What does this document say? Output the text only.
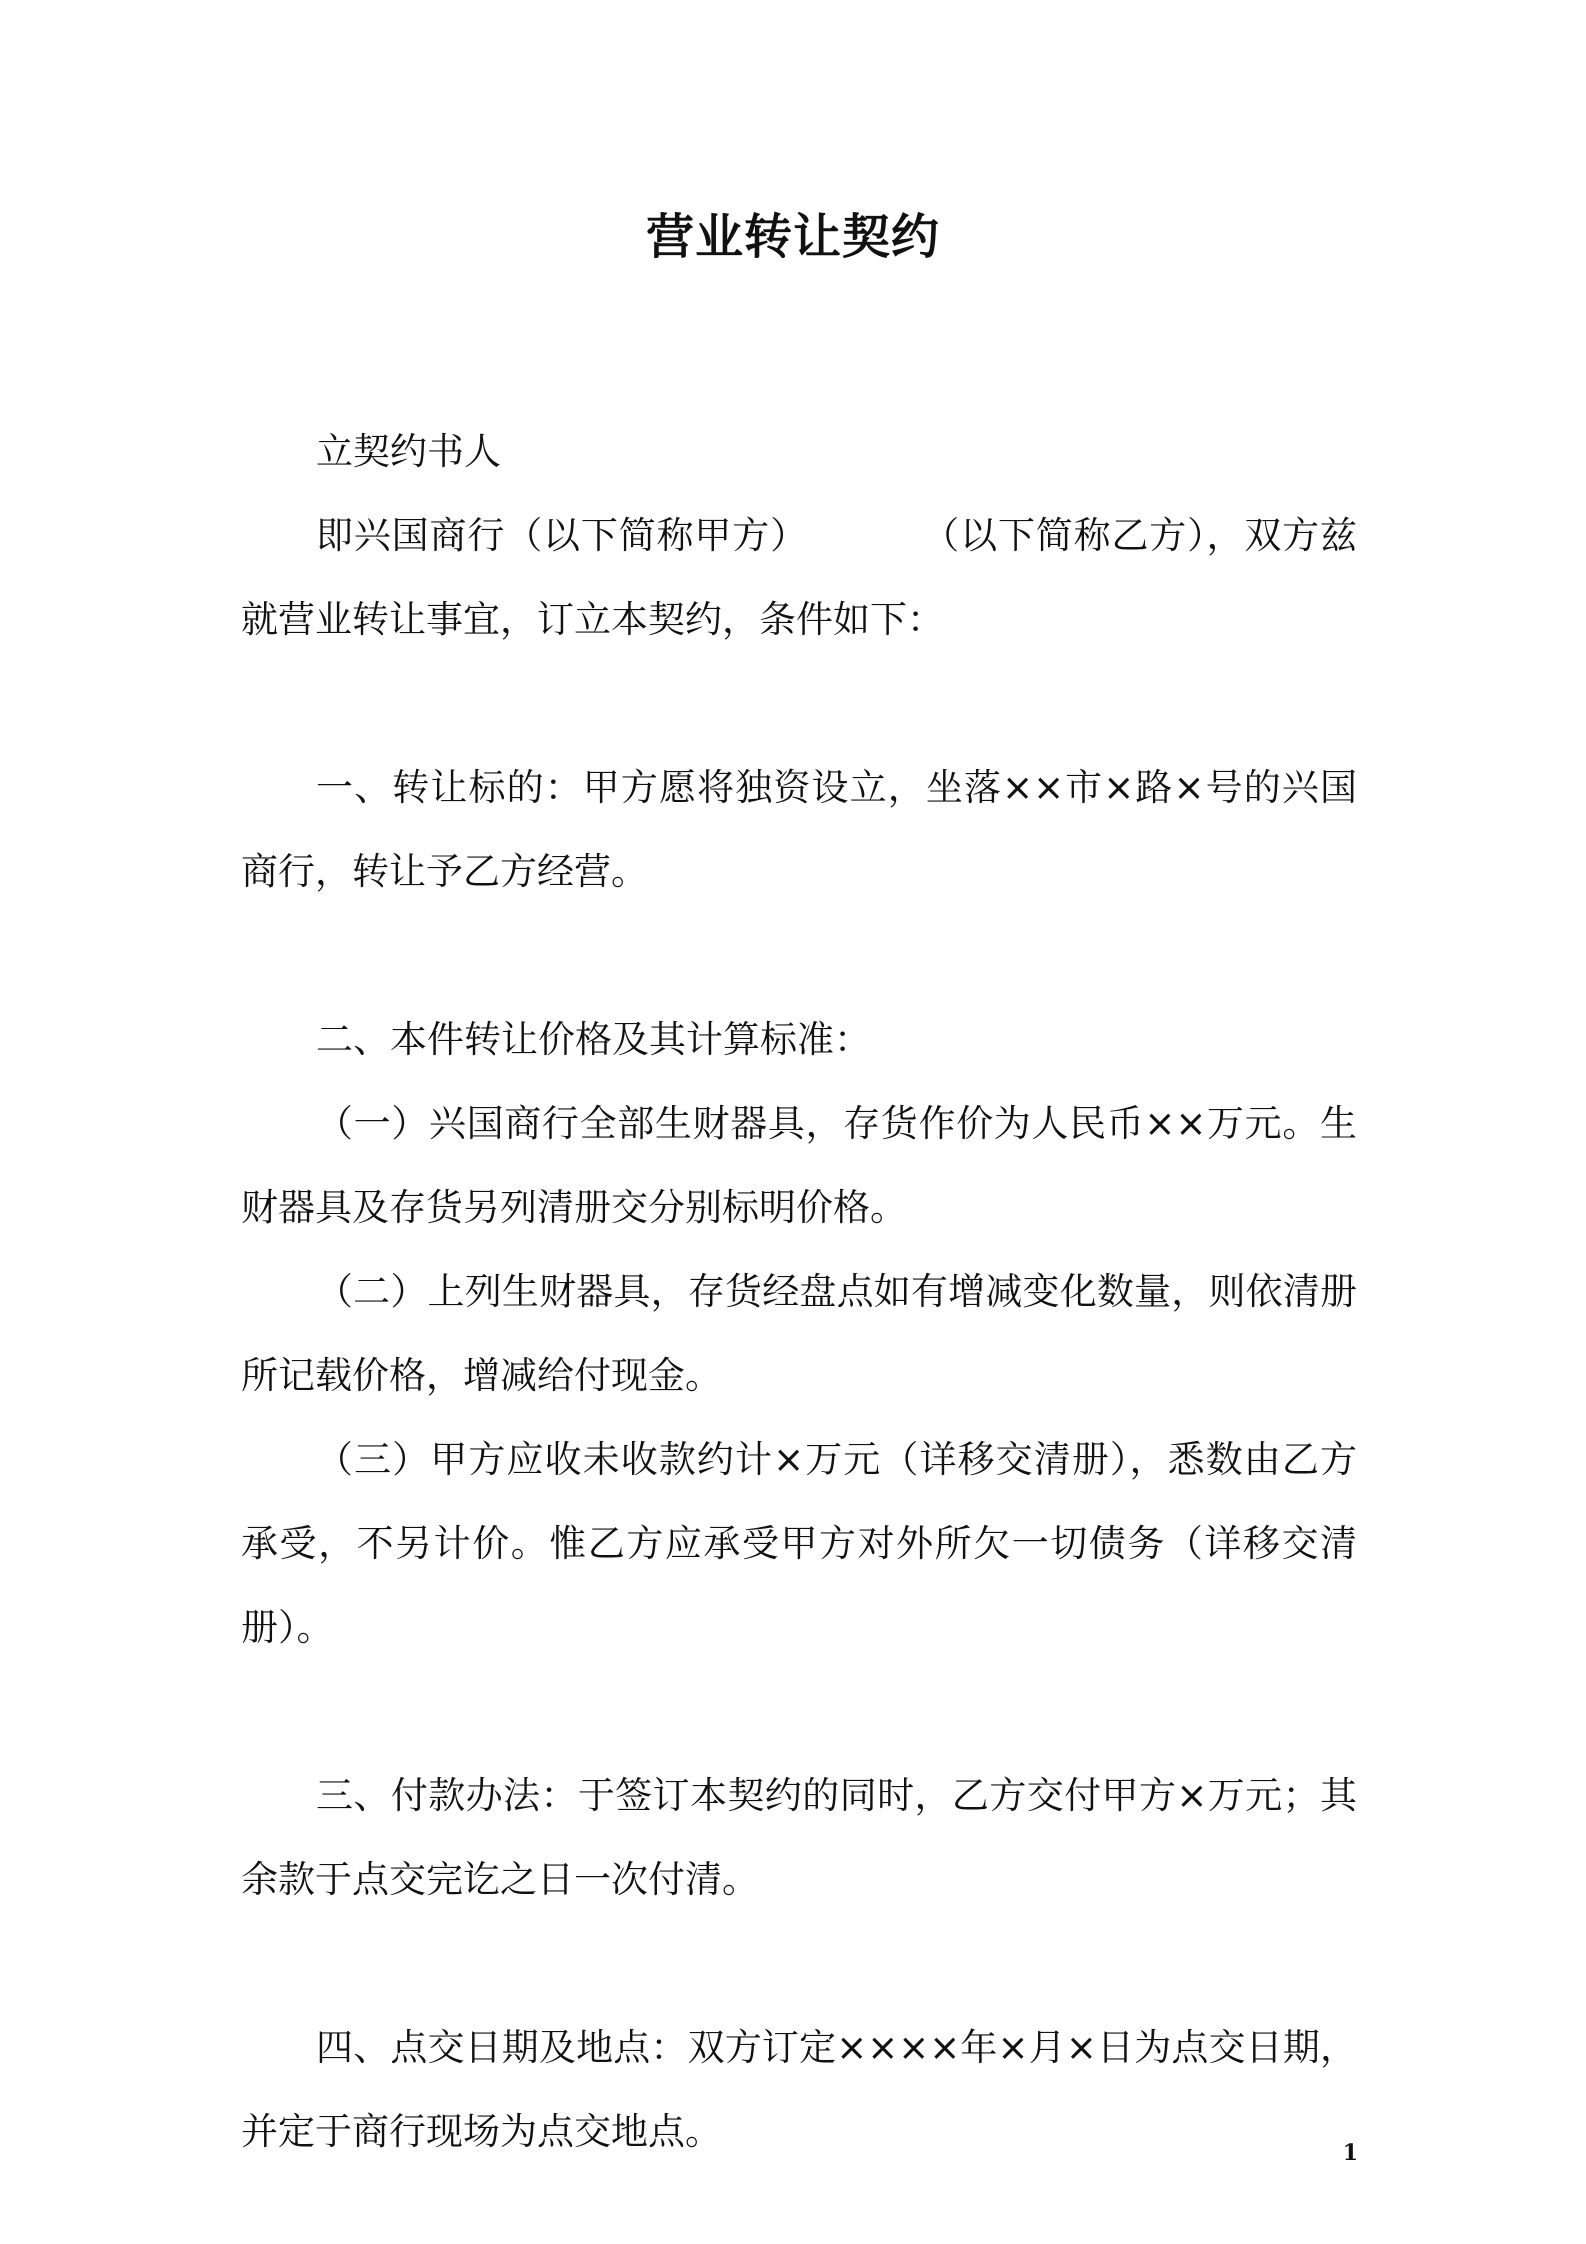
营业转让契约

立契约书人

即兴国商行（以下简称甲方）　　　　（以下简称乙方），双方兹就营业转让事宜，订立本契约，条件如下：

一、转让标的：甲方愿将独资设立，坐落××市×路×号的兴国商行，转让予乙方经营。

二、本件转让价格及其计算标准：

（一）兴国商行全部生财器具，存货作价为人民币××万元。生财器具及存货另列清册交分别标明价格。

（二）上列生财器具，存货经盘点如有增减变化数量，则依清册所记载价格，增减给付现金。

（三）甲方应收未收款约计×万元（详移交清册），悉数由乙方承受，不另计价。惟乙方应承受甲方对外所欠一切债务（详移交清册）。

三、付款办法：于签订本契约的同时，乙方交付甲方×万元；其余款于点交完讫之日一次付清。

四、点交日期及地点：双方订定××××年×月×日为点交日期，并定于商行现场为点交地点。	1
